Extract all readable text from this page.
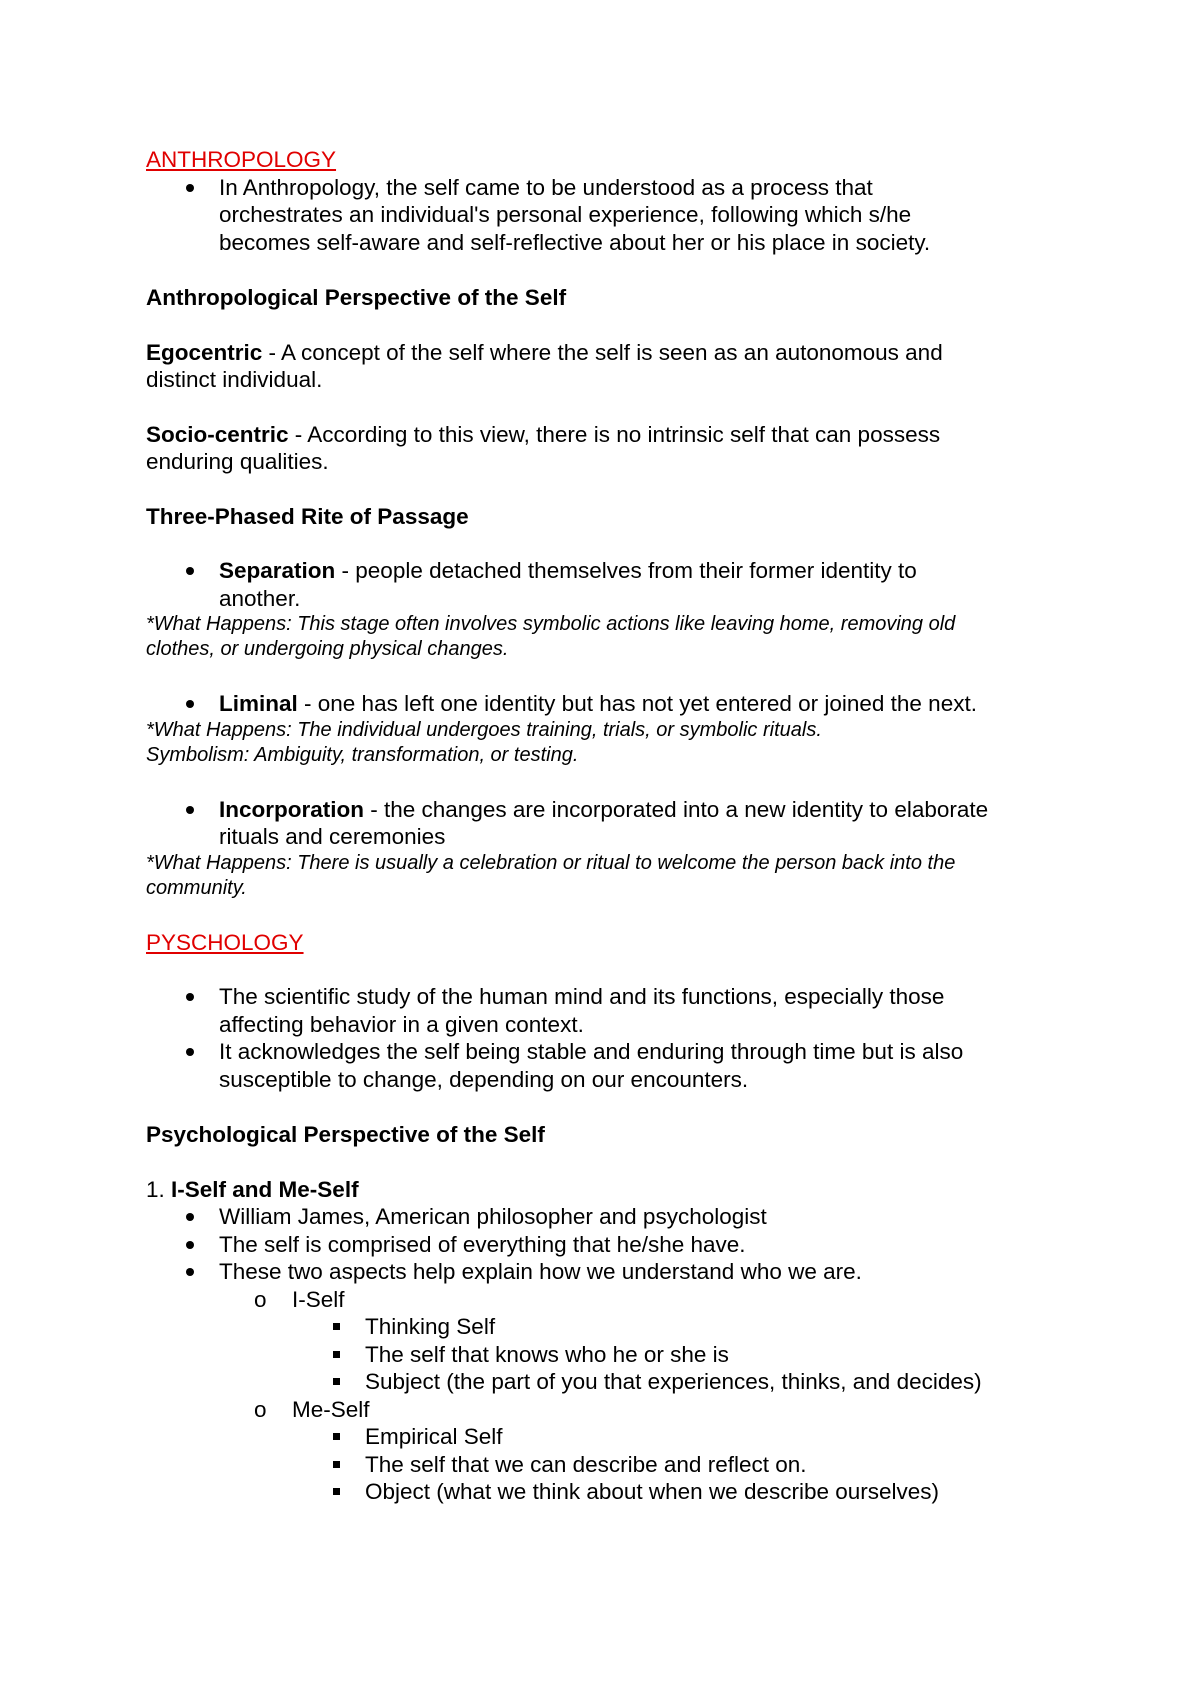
ANTHROPOLOGY
In Anthropology, the self came to be understood as a process that
orchestrates an individual's personal experience, following which s/he
becomes self-aware and self-reflective about her or his place in society.
Anthropological Perspective of the Self
Egocentric - A concept of the self where the self is seen as an autonomous and
distinct individual.
Socio-centric - According to this view, there is no intrinsic self that can possess
enduring qualities.
Three-Phased Rite of Passage
Separation - people detached themselves from their former identity to
another.
*What Happens: This stage often involves symbolic actions like leaving home, removing old
clothes, or undergoing physical changes.
Liminal - one has left one identity but has not yet entered or joined the next.
*What Happens: The individual undergoes training, trials, or symbolic rituals.
Symbolism: Ambiguity, transformation, or testing.
Incorporation - the changes are incorporated into a new identity to elaborate
rituals and ceremonies
*What Happens: There is usually a celebration or ritual to welcome the person back into the
community.
PYSCHOLOGY
The scientific study of the human mind and its functions, especially those
affecting behavior in a given context.
It acknowledges the self being stable and enduring through time but is also
susceptible to change, depending on our encounters.
Psychological Perspective of the Self
1. I-Self and Me-Self
William James, American philosopher and psychologist
The self is comprised of everything that he/she have.
These two aspects help explain how we understand who we are.
o I-Self
Thinking Self
The self that knows who he or she is
Subject (the part of you that experiences, thinks, and decides)
o Me-Self
Empirical Self
The self that we can describe and reflect on.
Object (what we think about when we describe ourselves)
